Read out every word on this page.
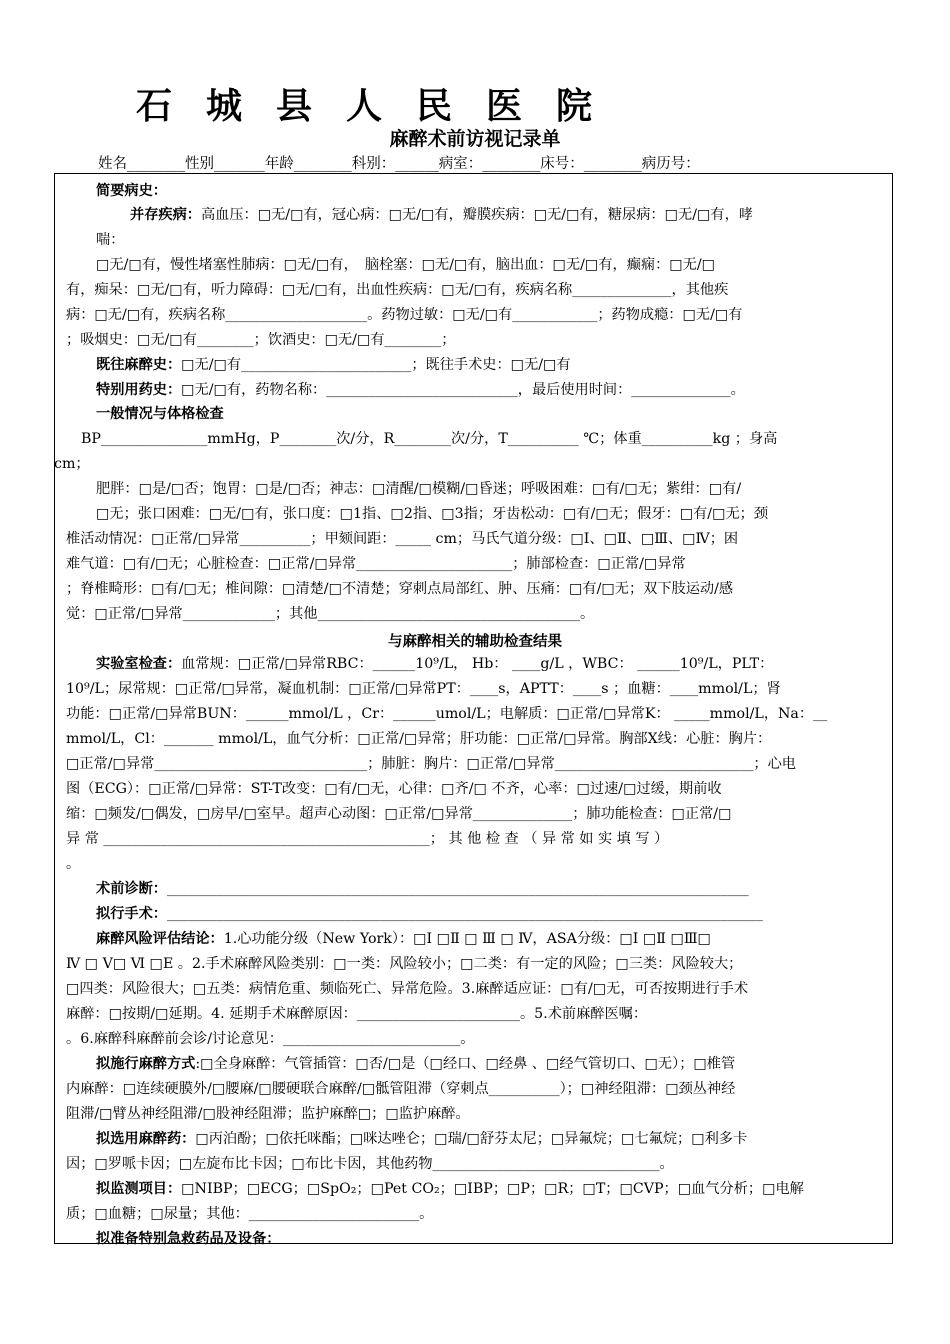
石城县人民医院
麻醉术前访视记录单
姓名________性别_______年龄________科别：______病室：________床号：________病历号：
简要病史：
并存疾病：高血压：□无/□有，冠心病：□无/□有，瓣膜疾病：□无/□有，糖尿病：□无/□有，哮
喘：
□无/□有，慢性堵塞性肺病：□无/□有，　脑栓塞：□无/□有，脑出血：□无/□有，癫痫：□无/□
有，痴呆：□无/□有，听力障碍：□无/□有，出血性疾病：□无/□有，疾病名称______________，其他疾
病：□无/□有，疾病名称____________________。药物过敏：□无/□有____________；药物成瘾：□无/□有
；吸烟史：□无/□有________；饮酒史：□无/□有________；
既往麻醉史：□无/□有________________________；既往手术史：□无/□有
特别用药史：□无/□有，药物名称：___________________________，最后使用时间：______________。
一般情况与体格检查
BP_______________mmHg，P________次/分，R________次/分，T__________ ℃；体重__________kg ；身高
cm；
肥胖：□是/□否；饱胃：□是/□否；神志：□清醒/□模糊/□昏迷；呼吸困难：□有/□无；紫绀：□有/
□无；张口困难：□无/□有，张口度：□1指、□2指、□3指；牙齿松动：□有/□无；假牙：□有/□无；颈
椎活动情况：□正常/□异常__________；甲颏间距：_____ cm；马氏气道分级：□Ⅰ、□Ⅱ、□Ⅲ、□Ⅳ；困
难气道：□有/□无；心脏检查：□正常/□异常______________________；肺部检查：□正常/□异常
；脊椎畸形：□有/□无；椎间隙：□清楚/□不清楚；穿刺点局部红、肿、压痛：□有/□无；双下肢运动/感
觉：□正常/□异常_____________；其他_____________________________________。
与麻醉相关的辅助检查结果
实验室检查：血常规：□正常/□异常RBC：______10⁹/L， Hb： ____g/L ，WBC： ______10⁹/L，PLT：
10⁹/L；尿常规：□正常/□异常，凝血机制：□正常/□异常PT：____s，APTT：____s ；血糖：____mmol/L；肾
功能：□正常/□异常BUN：______mmol/L ，Cr：______umol/L；电解质：□正常/□异常K： _____mmol/L，Na：__
mmol/L，Cl：_______ mmol/L，血气分析：□正常/□异常；肝功能：□正常/□异常。胸部X线：心脏：胸片：
□正常/□异常______________________________；肺脏：胸片：□正常/□异常____________________________；心电
图（ECG）：□正常/□异常：ST-T改变：□有/□无，心律：□齐/□ 不齐，心率：□过速/□过缓，期前收
缩：□频发/□偶发，□房早/□室早。超声心动图：□正常/□异常______________；肺功能检查：□正常/□
异 常 ______________________________________________； 其 他 检 查 （ 异 常 如 实 填 写 ）
。
术前诊断：__________________________________________________________________________________
拟行手术：____________________________________________________________________________________
麻醉风险评估结论：1.心功能分级（New York）：□Ⅰ □Ⅱ □ Ⅲ □ Ⅳ，ASA分级：□Ⅰ □Ⅱ □Ⅲ□
Ⅳ □ Ⅴ□ Ⅵ □E 。2.手术麻醉风险类别：□一类：风险较小；□二类：有一定的风险；□三类：风险较大；
□四类：风险很大；□五类：病情危重、频临死亡、异常危险。3.麻醉适应证：□有/□无，可否按期进行手术
麻醉：□按期/□延期。4. 延期手术麻醉原因：_______________________。5.术前麻醉医嘱：
。6.麻醉科麻醉前会诊/讨论意见：_________________________。
拟施行麻醉方式:□全身麻醉：气管插管：□否/□是（□经口、□经鼻 、□经气管切口、□无）；□椎管
内麻醉：□连续硬膜外/□腰麻/□腰硬联合麻醉/□骶管阻滞（穿刺点__________）；□神经阻滞：□颈丛神经
阻滞/□臂丛神经阻滞/□股神经阻滞；监护麻醉□；□监护麻醉。
拟选用麻醉药：□丙泊酚；□依托咪酯；□咪达唑仑；□瑞/□舒芬太尼；□异氟烷；□七氟烷；□利多卡
因；□罗哌卡因；□左旋布比卡因；□布比卡因，其他药物________________________________。
拟监测项目：□NIBP；□ECG；□SpO₂；□Pet CO₂；□IBP；□P；□R；□T；□CVP；□血气分析；□电解
质；□血糖；□尿量；其他：________________________。
拟准备特别急救药品及设备：
